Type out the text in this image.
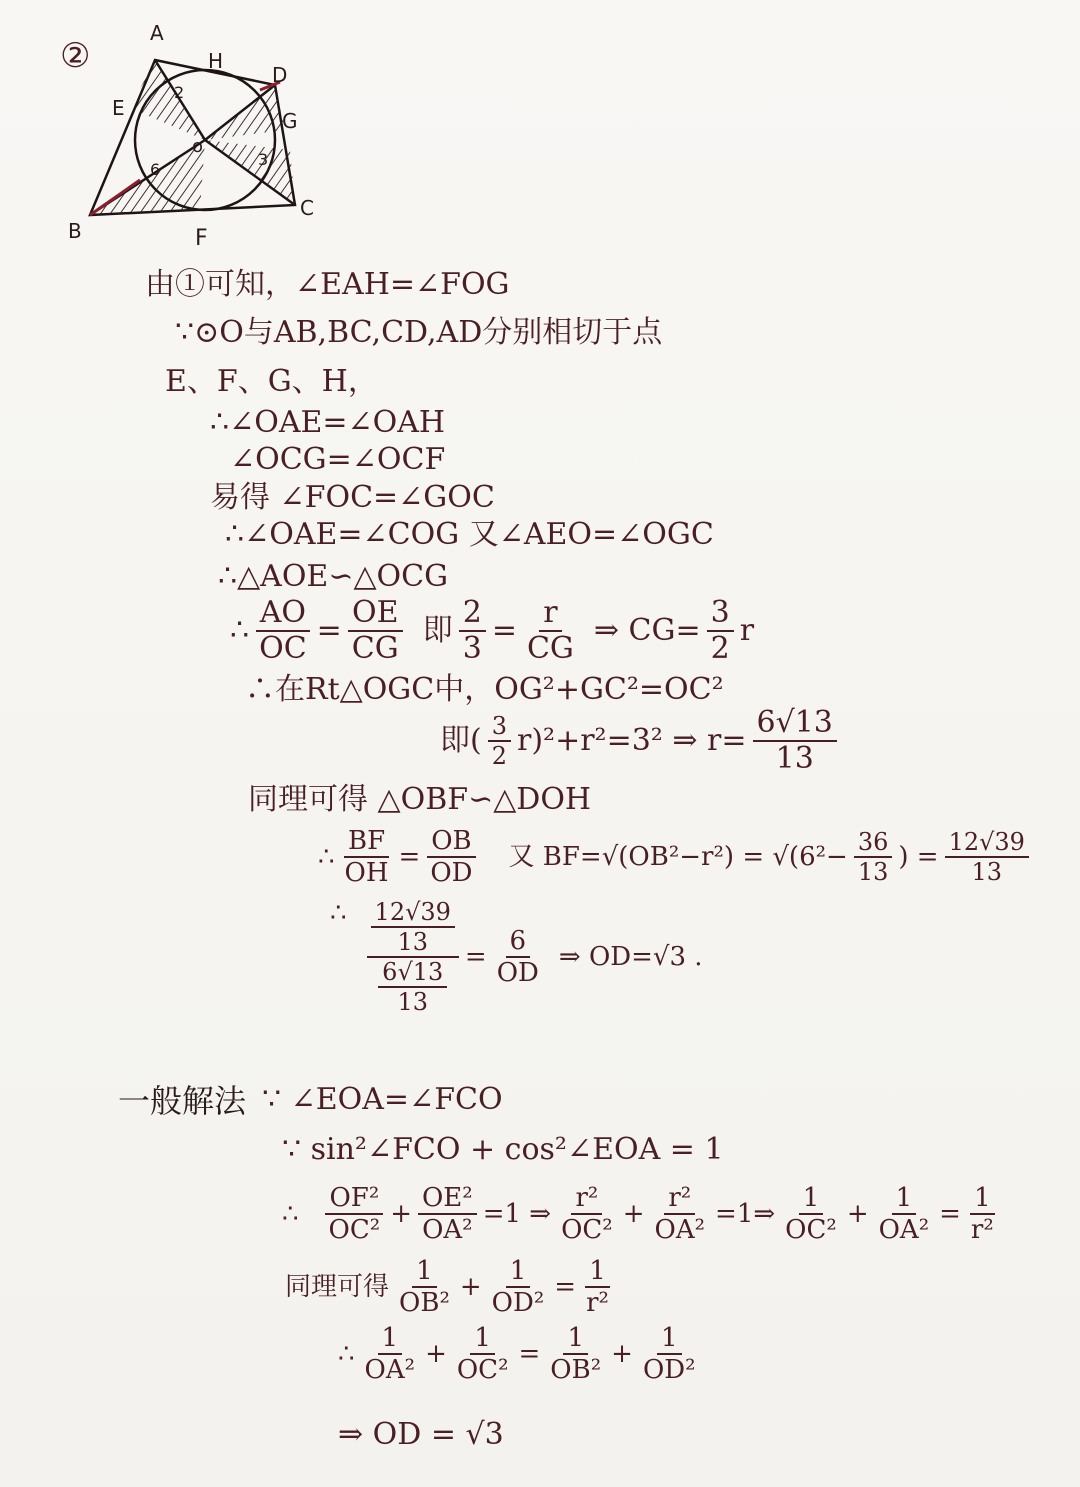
A
H
D
E
G
o
B	F
C
2
6
3
②
由①可知，∠EAH=∠FOG
∵⊙O与AB,BC,CD,AD分别相切于点
E、F、G、H，
∴∠OAE=∠OAH
∠OCG=∠OCF
易得 ∠FOC=∠GOC
∴∠OAE=∠COG 又∠AEO=∠OGC
∴△AOE∽△OCG
∴ $\frac{AO}{OC} = \frac{OE}{CG}$ 即 $\frac{2}{3} = \frac{r}{CG}$ ⇒ $CG= \frac{3}{2}$ r
∴在Rt△OGC中，OG²+GC²=OC²
即( $\frac{3}{2} r)^2+r^2=3^2$ ⇒ $r= \frac{6√13}{13}$
同理可得 △OBF∽△DOH
∴ $\frac{BF}{OH} = \frac{OB}{OD}$ 又 $BF=√(OB^2-r^2) = √(6^2- \frac{36}{13}$ ) = $\frac{12√39}{13}$
∴ $\frac{\frac{12√39}{13}}{\frac{6√13}{13}} = \frac{6}{OD}$ ⇒ OD=√3 .
一般解法 ∵ ∠EOA=∠FCO
∵ sin²∠FCO + cos²∠EOA = 1
∴ $\frac{\text{OF²}}{\text{OC²}} + \frac{\text{OE²}}{\text{OA²}} =1$ ⇒ $\frac{\text{r²}}{\text{OC²}} + \frac{\text{r²}}{\text{OA²}}$ =1⇒ $\frac{1}{\text{OC²}} + \frac{1}{\text{OA²}} = \frac{1}{\text{r²}}$
同理可得 $\frac{1}{\text{OB²}} + \frac{1}{\text{OD²}} = \frac{1}{\text{r²}}$
∴ $\frac{1}{\text{OA²}} + \frac{1}{\text{OC²}} = \frac{1}{\text{OB²}} + \frac{1}{\text{OD²}}$
⇒ OD = √3
